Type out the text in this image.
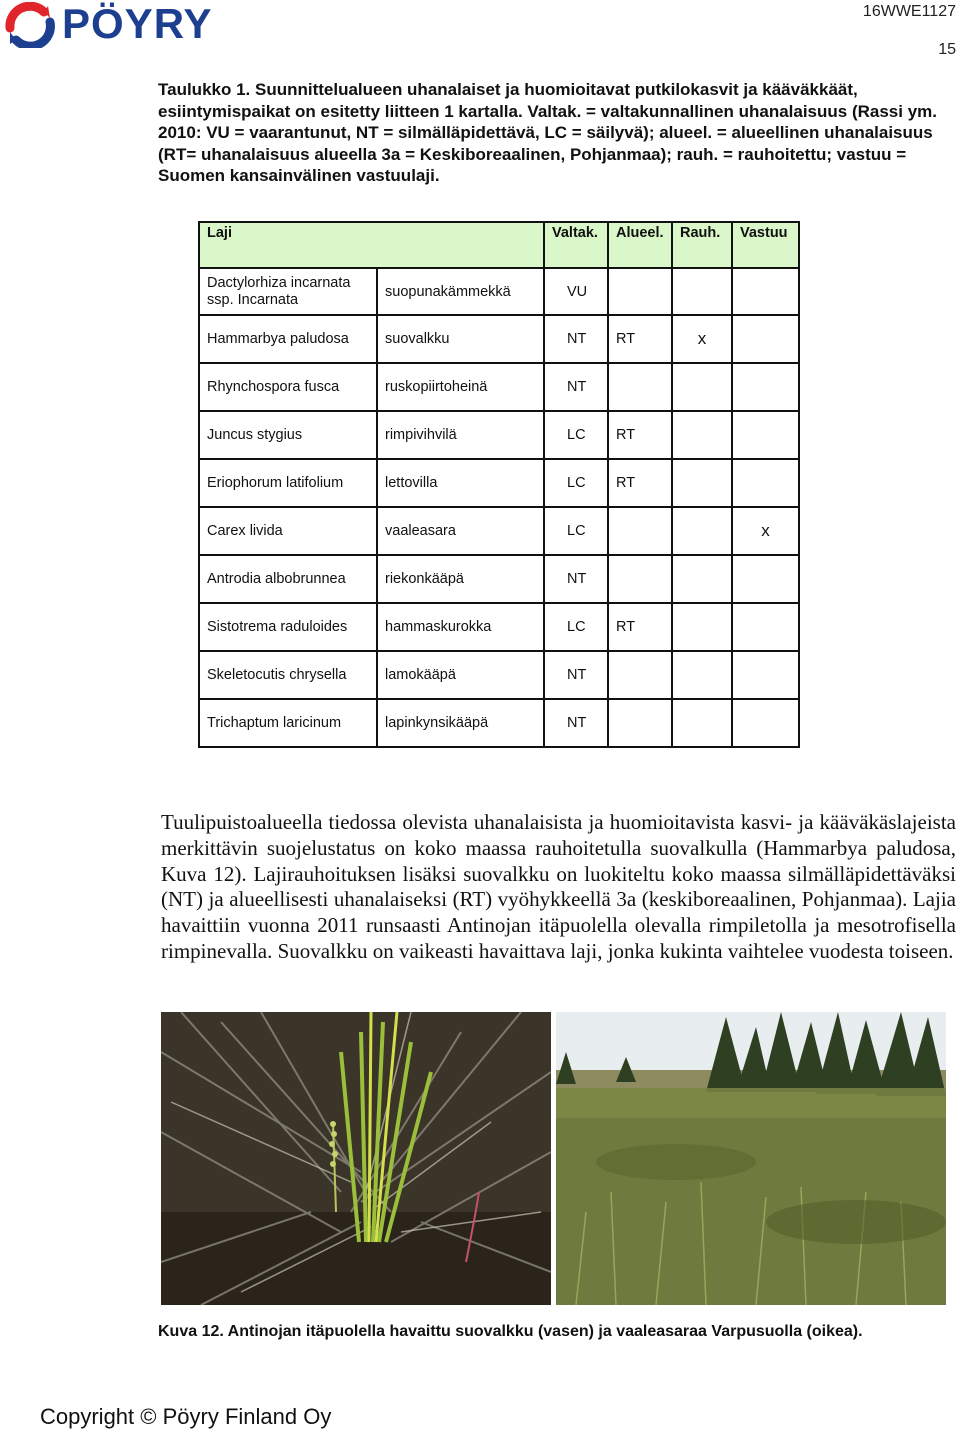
PÖYRY	16WWE1127
15
Taulukko 1. Suunnittelualueen uhanalaiset ja huomioitavat putkilokasvit ja kääväkkäät, esiintymispaikat on esitetty liitteen 1 kartalla. Valtak. = valtakunnallinen uhanalaisuus (Rassi ym. 2010: VU = vaarantunut, NT = silmälläpidettävä, LC = säilyvä); alueel. = alueellinen uhanalaisuus (RT= uhanalaisuus alueella 3a = Keskiboreaalinen, Pohjanmaa); rauh. = rauhoitettu; vastuu = Suomen kansainvälinen vastuulaji.
Laji		Valtak.	Alueel.	Rauh.	Vastuu
Dactylorhiza incarnata ssp. Incarnata	suopunakämmekkä	VU			
Hammarbya paludosa	suovalkku	NT	RT	x	
Rhynchospora fusca	ruskopiirtoheinä	NT			
Juncus stygius	rimpivihvilä	LC	RT		
Eriophorum latifolium	lettovilla	LC	RT		
Carex livida	vaaleasara	LC			x
Antrodia albobrunnea	riekonkääpä	NT			
Sistotrema raduloides	hammaskurokka	LC	RT		
Skeletocutis chrysella	lamokääpä	NT			
Trichaptum laricinum	lapinkynsikääpä	NT			
Tuulipuistoalueella tiedossa olevista uhanalaisista ja huomioitavista kasvi- ja kääväkäslajeista merkittävin suojelustatus on koko maassa rauhoitetulla suovalkulla (Hammarbya paludosa, Kuva 12). Lajirauhoituksen lisäksi suovalkku on luokiteltu koko maassa silmälläpidettäväksi (NT) ja alueellisesti uhanalaiseksi (RT) vyöhykkeellä 3a (keskiboreaalinen, Pohjanmaa). Lajia havaittiin vuonna 2011 runsaasti Antinojan itäpuolella olevalla rimpiletolla ja mesotrofisella rimpinevalla. Suovalkku on vaikeasti havaittava laji, jonka kukinta vaihtelee vuodesta toiseen.
Kuva 12. Antinojan itäpuolella havaittu suovalkku (vasen) ja vaaleasaraa Varpusuolla (oikea).
Copyright © Pöyry Finland Oy
